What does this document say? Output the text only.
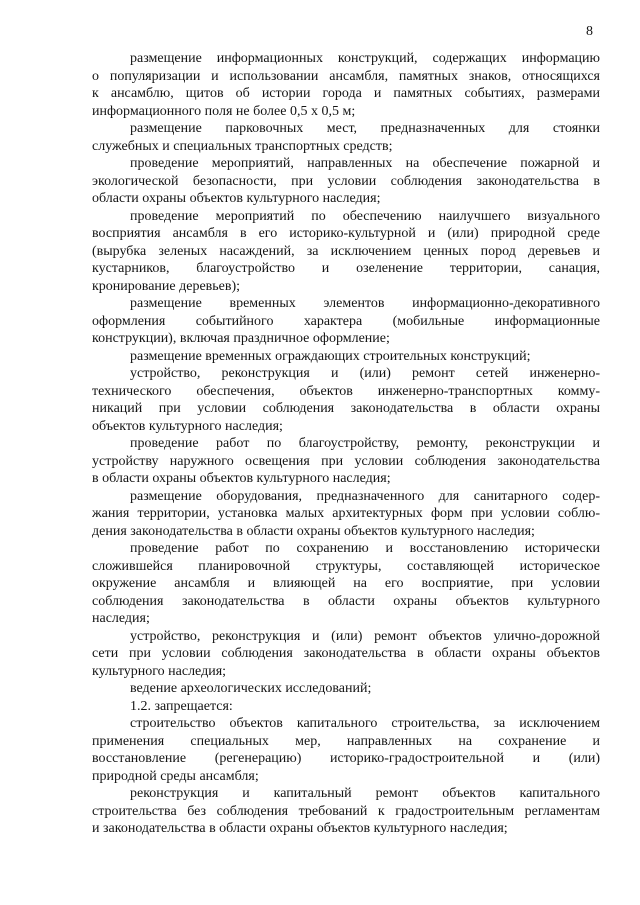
8
размещение информационных конструкций, содержащих информацию
о популяризации и использовании ансамбля, памятных знаков, относящихся
к ансамблю, щитов об истории города и памятных событиях, размерами
информационного поля не более 0,5 х 0,5 м;
размещение парковочных мест, предназначенных для стоянки
служебных и специальных транспортных средств;
проведение мероприятий, направленных на обеспечение пожарной и
экологической безопасности, при условии соблюдения законодательства в
области охраны объектов культурного наследия;
проведение мероприятий по обеспечению наилучшего визуального
восприятия ансамбля в его историко-культурной и (или) природной среде
(вырубка зеленых насаждений, за исключением ценных пород деревьев и
кустарников, благоустройство и озеленение территории, санация,
кронирование деревьев);
размещение временных элементов информационно-декоративного
оформления событийного характера (мобильные информационные
конструкции), включая праздничное оформление;
размещение временных ограждающих строительных конструкций;
устройство, реконструкция и (или) ремонт сетей инженерно-
технического обеспечения, объектов инженерно-транспортных комму-
никаций при условии соблюдения законодательства в области охраны
объектов культурного наследия;
проведение работ по благоустройству, ремонту, реконструкции и
устройству наружного освещения при условии соблюдения законодательства
в области охраны объектов культурного наследия;
размещение оборудования, предназначенного для санитарного содер-
жания территории, установка малых архитектурных форм при условии соблю-
дения законодательства в области охраны объектов культурного наследия;
проведение работ по сохранению и восстановлению исторически
сложившейся планировочной структуры, составляющей историческое
окружение ансамбля и влияющей на его восприятие, при условии
соблюдения законодательства в области охраны объектов культурного
наследия;
устройство, реконструкция и (или) ремонт объектов улично-дорожной
сети при условии соблюдения законодательства в области охраны объектов
культурного наследия;
ведение археологических исследований;
1.2. запрещается:
строительство объектов капитального строительства, за исключением
применения специальных мер, направленных на сохранение и
восстановление (регенерацию) историко-градостроительной и (или)
природной среды ансамбля;
реконструкция и капитальный ремонт объектов капитального
строительства без соблюдения требований к градостроительным регламентам
и законодательства в области охраны объектов культурного наследия;
